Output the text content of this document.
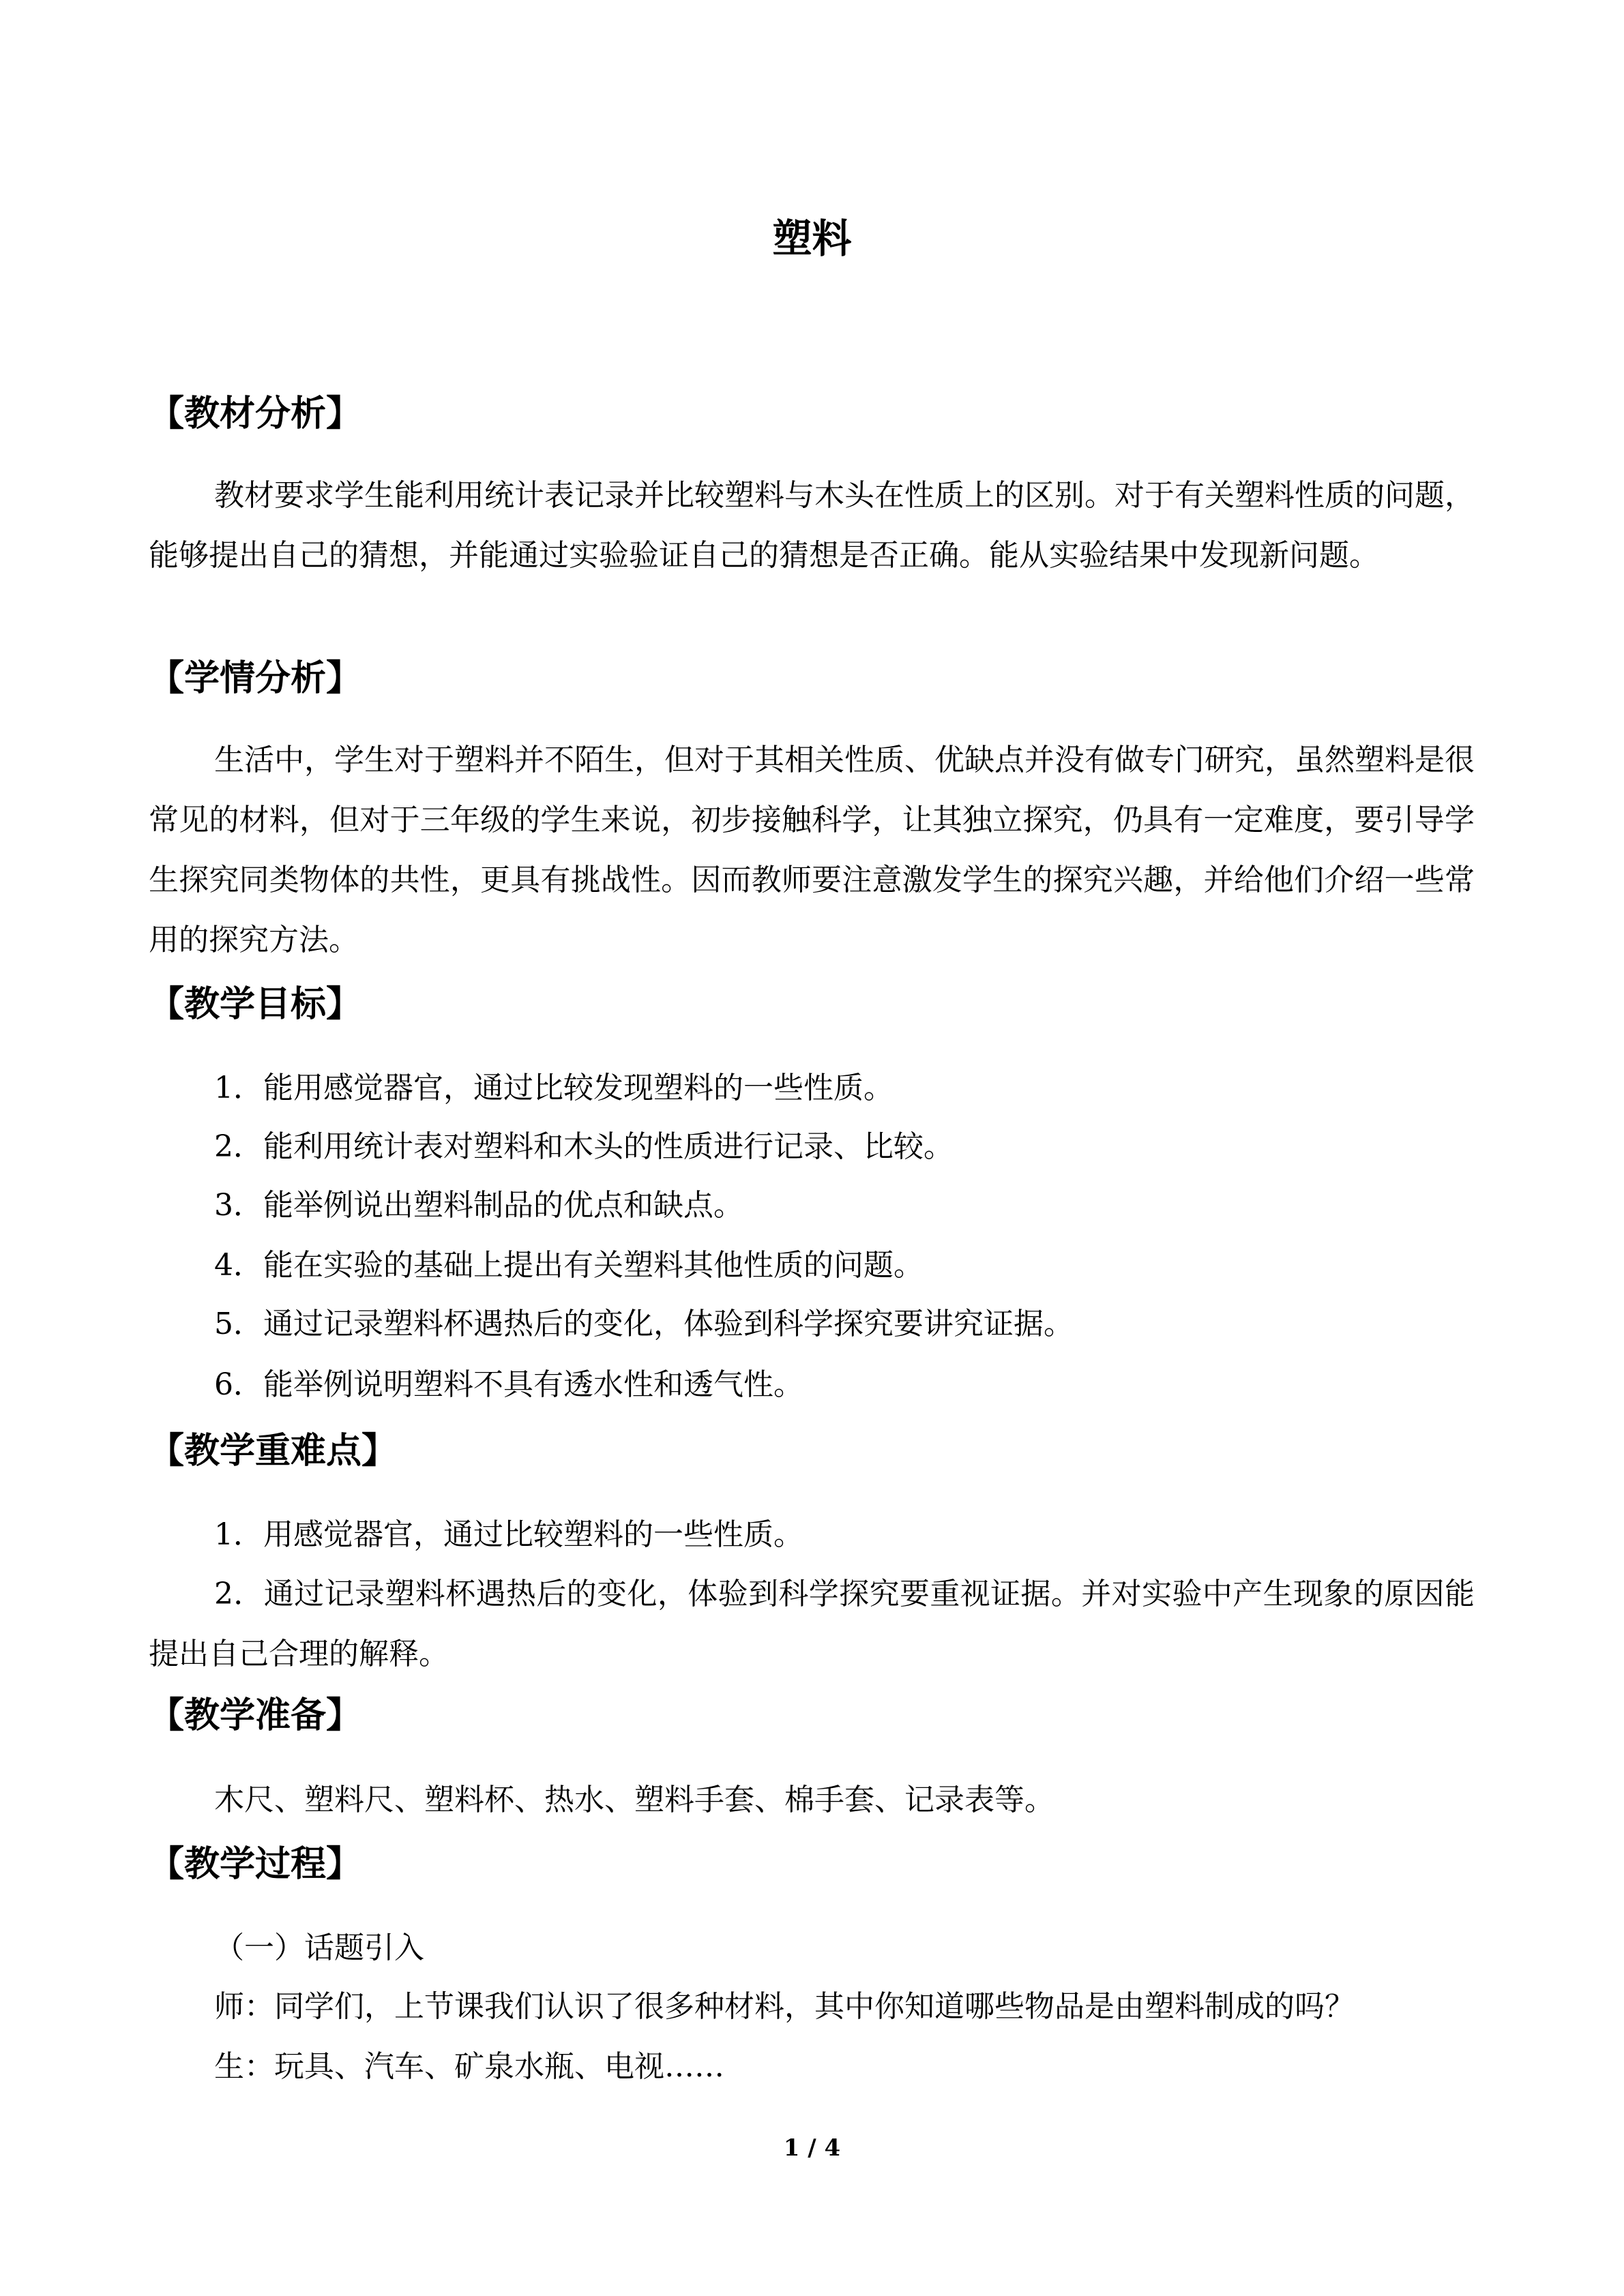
塑料
【教材分析】
教材要求学生能利用统计表记录并比较塑料与木头在性质上的区别。对于有关塑料性质的问题，能够提出自己的猜想，并能通过实验验证自己的猜想是否正确。能从实验结果中发现新问题。
【学情分析】
生活中，学生对于塑料并不陌生，但对于其相关性质、优缺点并没有做专门研究，虽然塑料是很常见的材料，但对于三年级的学生来说，初步接触科学，让其独立探究，仍具有一定难度，要引导学生探究同类物体的共性，更具有挑战性。因而教师要注意激发学生的探究兴趣，并给他们介绍一些常用的探究方法。
【教学目标】
1．能用感觉器官，通过比较发现塑料的一些性质。
2．能利用统计表对塑料和木头的性质进行记录、比较。
3．能举例说出塑料制品的优点和缺点。
4．能在实验的基础上提出有关塑料其他性质的问题。
5．通过记录塑料杯遇热后的变化，体验到科学探究要讲究证据。
6．能举例说明塑料不具有透水性和透气性。
【教学重难点】
1．用感觉器官，通过比较塑料的一些性质。
2．通过记录塑料杯遇热后的变化，体验到科学探究要重视证据。并对实验中产生现象的原因能提出自己合理的解释。
【教学准备】
木尺、塑料尺、塑料杯、热水、塑料手套、棉手套、记录表等。
【教学过程】
（一）话题引入
师：同学们，上节课我们认识了很多种材料，其中你知道哪些物品是由塑料制成的吗？
生：玩具、汽车、矿泉水瓶、电视……
1 / 4
